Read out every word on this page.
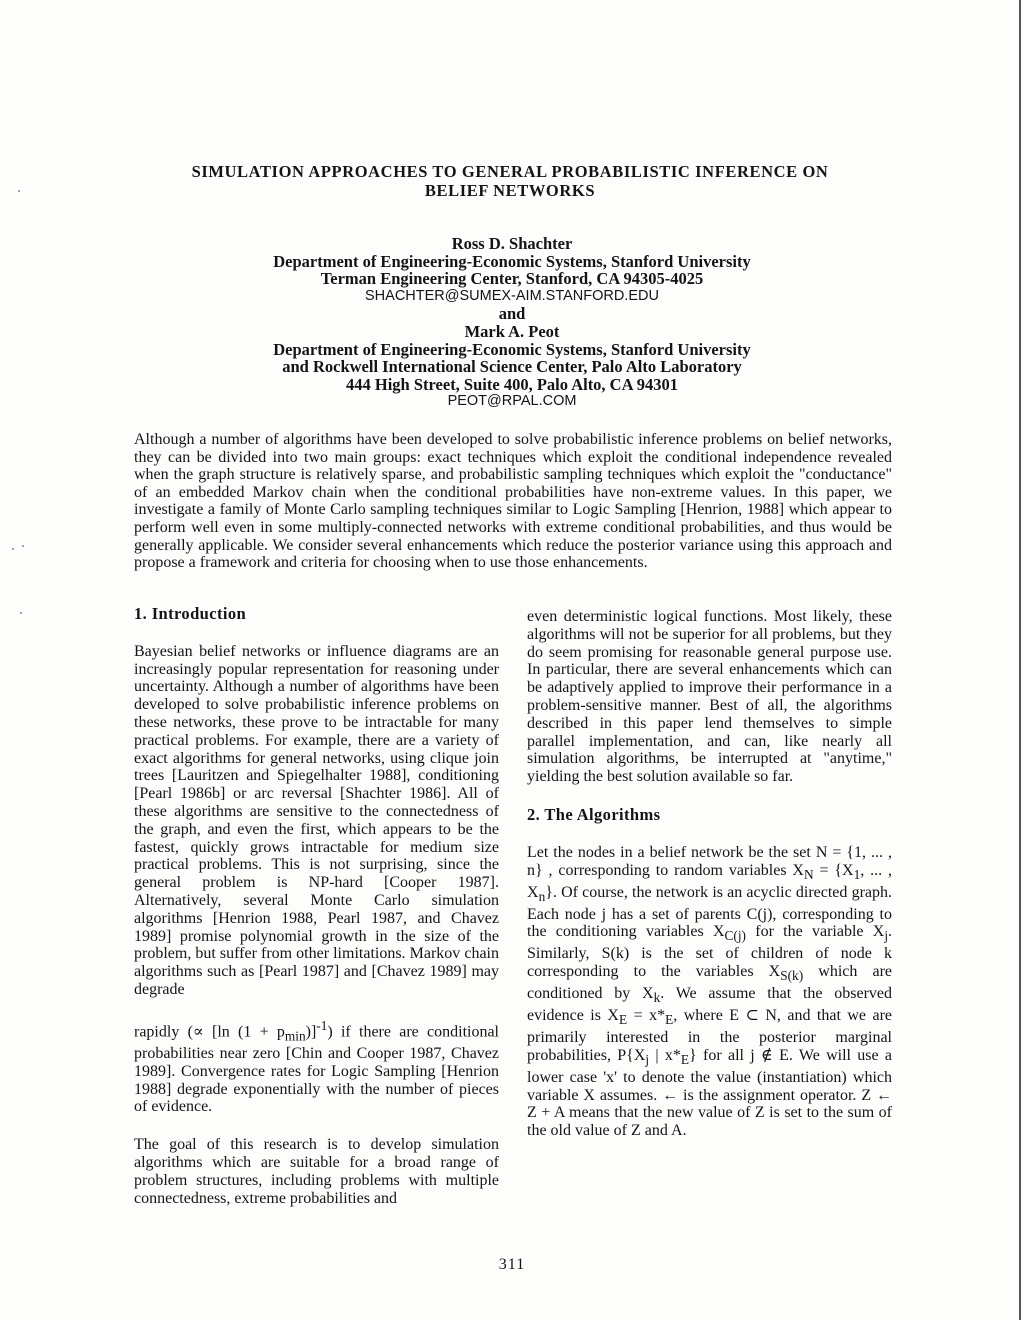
SIMULATION APPROACHES TO GENERAL PROBABILISTIC INFERENCE ON
BELIEF NETWORKS
Ross D. Shachter
Department of Engineering-Economic Systems, Stanford University
Terman Engineering Center, Stanford, CA 94305-4025
SHACHTER@SUMEX-AIM.STANFORD.EDU
and
Mark A. Peot
Department of Engineering-Economic Systems, Stanford University
and Rockwell International Science Center, Palo Alto Laboratory
444 High Street, Suite 400, Palo Alto, CA 94301
PEOT@RPAL.COM
Although a number of algorithms have been developed to solve probabilistic inference problems on belief networks, they can be divided into two main groups: exact techniques which exploit the conditional independence revealed when the graph structure is relatively sparse, and probabilistic sampling techniques which exploit the "conductance" of an embedded Markov chain when the conditional probabilities have non-extreme values. In this paper, we investigate a family of Monte Carlo sampling techniques similar to Logic Sampling [Henrion, 1988] which appear to perform well even in some multiply-connected networks with extreme conditional probabilities, and thus would be generally applicable. We consider several enhancements which reduce the posterior variance using this approach and propose a framework and criteria for choosing when to use those enhancements.

1. Introduction

Bayesian belief networks or influence diagrams are an increasingly popular representation for reasoning under uncertainty. Although a number of algorithms have been developed to solve probabilistic inference problems on these networks, these prove to be intractable for many practical problems. For example, there are a variety of exact algorithms for general networks, using clique join trees [Lauritzen and Spiegelhalter 1988], conditioning [Pearl 1986b] or arc reversal [Shachter 1986]. All of these algorithms are sensitive to the connectedness of the graph, and even the first, which appears to be the fastest, quickly grows intractable for medium size practical problems. This is not surprising, since the general problem is NP-hard [Cooper 1987]. Alternatively, several Monte Carlo simulation algorithms [Henrion 1988, Pearl 1987, and Chavez 1989] promise polynomial growth in the size of the problem, but suffer from other limitations. Markov chain algorithms such as [Pearl 1987] and [Chavez 1989] may degrade

rapidly (∝ [ln $(1 + p_{min})]^{-1}$) if there are conditional probabilities near zero [Chin and Cooper 1987, Chavez 1989]. Convergence rates for Logic Sampling [Henrion 1988] degrade exponentially with the number of pieces of evidence.

The goal of this research is to develop simulation algorithms which are suitable for a broad range of problem structures, including problems with multiple connectedness, extreme probabilities and

even deterministic logical functions. Most likely, these algorithms will not be superior for all problems, but they do seem promising for reasonable general purpose use. In particular, there are several enhancements which can be adaptively applied to improve their performance in a problem-sensitive manner. Best of all, the algorithms described in this paper lend themselves to simple parallel implementation, and can, like nearly all simulation algorithms, be interrupted at "anytime," yielding the best solution available so far.

2. The Algorithms

Let the nodes in a belief network be the set N = {1, ... , n} , corresponding to random variables $X_N = \{X_1$, ... , $X_n$}. Of course, the network is an acyclic directed graph. Each node j has a set of parents C(j), corresponding to the conditioning variables $X_{C(j)}$ for the variable $X_j$. Similarly, S(k) is the set of children of node k corresponding to the variables $X_{S(k)}$ which are conditioned by $X_k$. We assume that the observed evidence is $X_E = x*_E$, where E ⊂ N, and that we are primarily interested in the posterior marginal probabilities, $P\{X_j$ | $x*_E$} for all j ∉ E. We will use a lower case 'x' to denote the value (instantiation) which variable X assumes. ← is the assignment operator. Z ← Z + A means that the new value of Z is set to the sum of the old value of Z and A.

311
